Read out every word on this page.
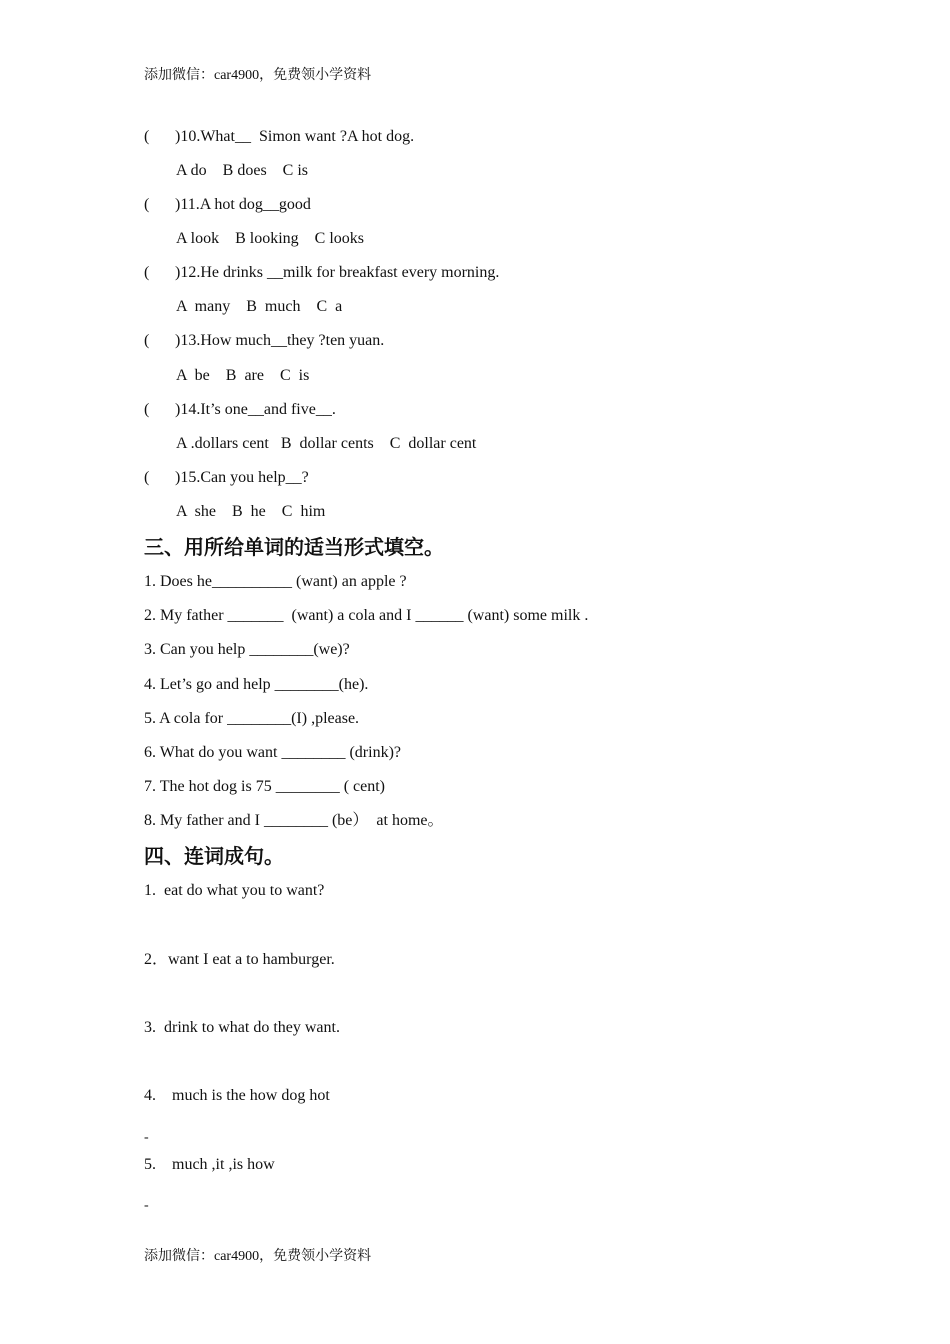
添加微信：car4900，免费领小学资料
( )10.What__  Simon want ?A hot dog.
A do    B does    C is
( )11.A hot dog__good
A look    B looking    C looks
( )12.He drinks __milk for breakfast every morning.
A  many    B  much    C  a
( )13.How much__they ?ten yuan.
A  be    B  are    C  is
( )14.It’s one__and five__.
A .dollars cent   B  dollar cents    C  dollar cent
( )15.Can you help__?
A  she    B  he    C  him
三、用所给单词的适当形式填空。
1. Does he__________ (want) an apple ?
2. My father _______  (want) a cola and I ______ (want) some milk .
3. Can you help ________(we)?
4. Let’s go and help ________(he).
5. A cola for ________(I) ,please.
6. What do you want ________ (drink)?
7. The hot dog is 75 ________ ( cent)
8. My father and I ________ (be）  at home。
四、连词成句。
1.  eat do what you to want?
2．want I eat a to hamburger.
3.  drink to what do they want.
4.    much is the how dog hot
-
5.    much ,it ,is how
-
添加微信：car4900，免费领小学资料
